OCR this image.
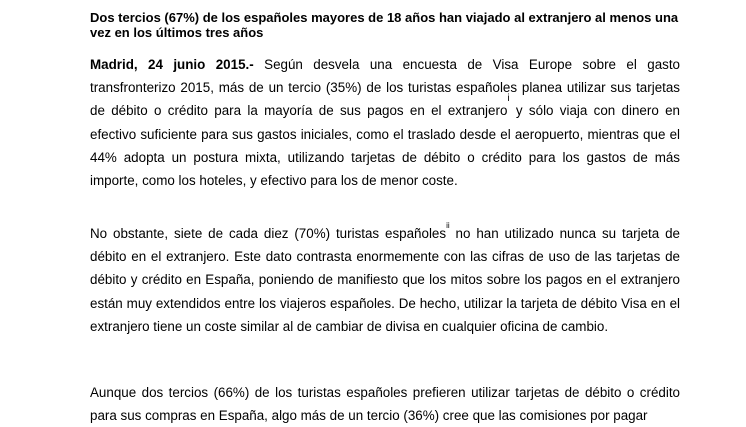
Dos tercios (67%) de los españoles mayores de 18 años han viajado al extranjero al menos una vez en los últimos tres años

Madrid, 24 junio 2015.- Según desvela una encuesta de Visa Europe sobre el gasto transfronterizo 2015, más de un tercio (35%) de los turistas españoles planea utilizar sus tarjetas de débito o crédito para la mayoría de sus pagos en el extranjero$^i$ y sólo viaja con dinero en efectivo suficiente para sus gastos iniciales, como el traslado desde el aeropuerto, mientras que el 44% adopta un postura mixta, utilizando tarjetas de débito o crédito para los gastos de más importe, como los hoteles, y efectivo para los de menor coste.

No obstante, siete de cada diez (70%) turistas españoles$^{ii}$ no han utilizado nunca su tarjeta de débito en el extranjero. Este dato contrasta enormemente con las cifras de uso de las tarjetas de débito y crédito en España, poniendo de manifiesto que los mitos sobre los pagos en el extranjero están muy extendidos entre los viajeros españoles. De hecho, utilizar la tarjeta de débito Visa en el extranjero tiene un coste similar al de cambiar de divisa en cualquier oficina de cambio.

Aunque dos tercios (66%) de los turistas españoles prefieren utilizar tarjetas de débito o crédito para sus compras en España, algo más de un tercio (36%) cree que las comisiones por pagar
